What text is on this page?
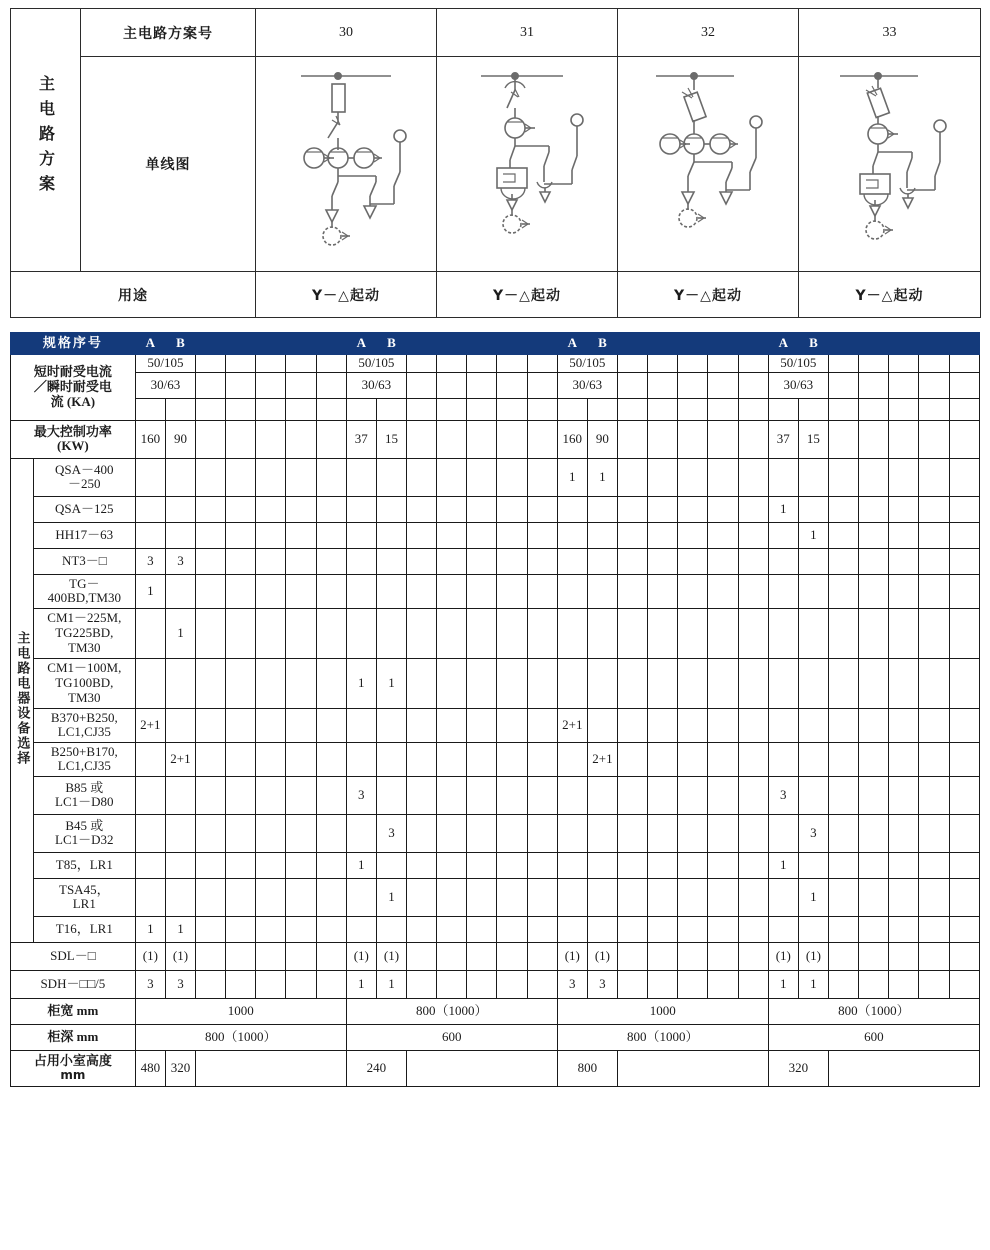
主电路方案	主电路方案号	30	31	32	33
	单线图	

用途		Y－△起动	Y－△起动	Y－△起动	Y－△起动
规格序号		A	B						A	B						A	B						A	B					

短时耐受电流
／瞬时耐受电
流 (KA)		50/105							50/105							50/105							50/105						
		30/63							30/63							30/63							30/63						

最大控制功率
(KW)		160	90						37	15						160	90						37	15					
主电路电器设备选择	QSA－400
－250															1	1												

	QSA－125																						1						

	HH17－63																							1					
	NT3－□	3	3																										

	TG－
400BD,TM30	1																											

	CM1－225M,
TG225BD,
TM30		1																										

	CM1－100M,
TG100BD,
TM30								1	1																			

	B370+B250,
LC1,CJ35	2+1														2+1													

	B250+B170,
LC1,CJ35		2+1														2+1												

	B85 或
LC1－D80								3														3						

	B45 或
LC1－D32									3														3					

	T85，LR1								1														1						

	TSA45，
LR1									1														1					

	T16，LR1	1	1																										
SDL－□		(1)	(1)						(1)	(1)						(1)	(1)						(1)	(1)					
SDH－□□/5		3	3						1	1						3	3						1	1					
柜宽 mm		1000							800（1000）							1000							800（1000）						
柜深 mm		800（1000）							600							800（1000）							600						

占用小室高度
mm		480	320						240							800							320						
